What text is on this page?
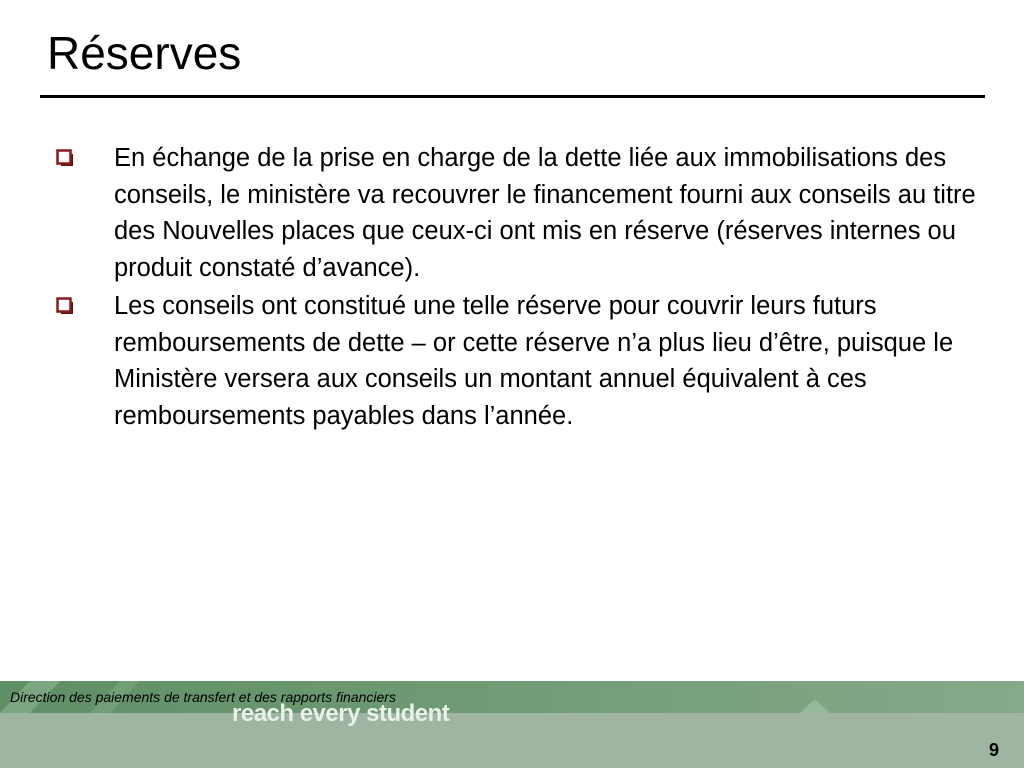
Réserves
En échange de la prise en charge de la dette liée aux immobilisations des conseils, le ministère va recouvrer le financement fourni aux conseils au titre des Nouvelles places que ceux-ci ont mis en réserve (réserves internes ou produit constaté d’avance).
Les conseils ont constitué une telle réserve pour couvrir leurs futurs remboursements de dette – or cette réserve n’a plus lieu d’être, puisque le Ministère versera aux conseils un montant annuel équivalent à ces remboursements payables dans l’année.
Direction des paiements de transfert et des rapports financiers
9
